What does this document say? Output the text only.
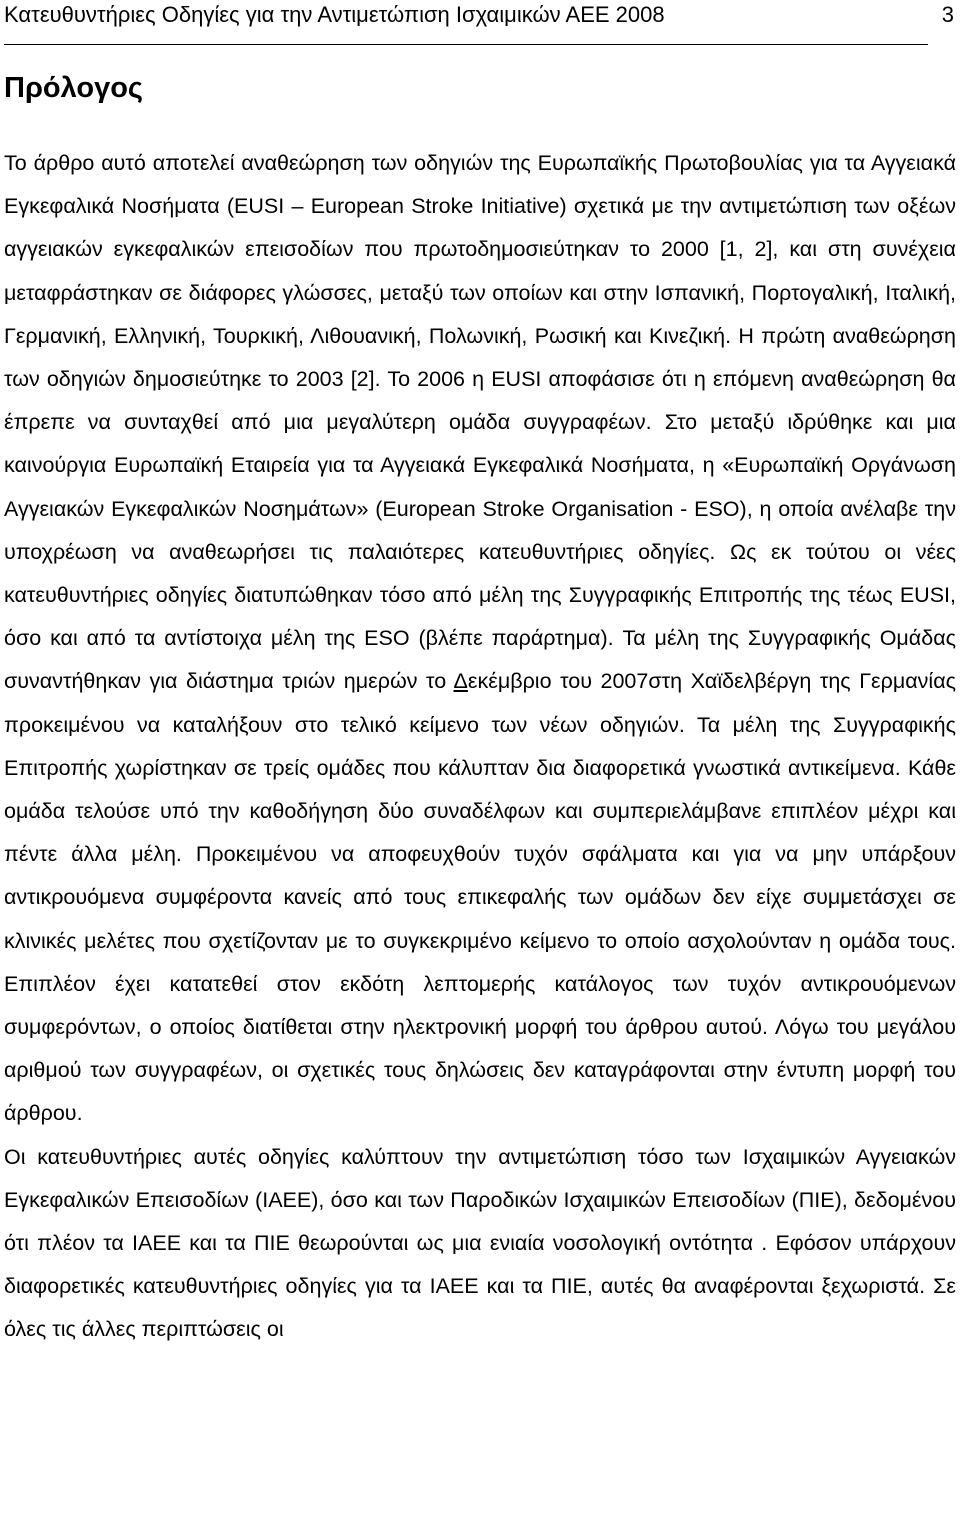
Κατευθυντήριες Οδηγίες για την Αντιμετώπιση Ισχαιμικών ΑΕΕ 2008	3
Πρόλογος

Το άρθρο αυτό αποτελεί αναθεώρηση των οδηγιών της Ευρωπαϊκής Πρωτοβουλίας για τα Αγγειακά Εγκεφαλικά Νοσήματα (EUSI – European Stroke Initiative) σχετικά με την αντιμετώπιση των οξέων αγγειακών εγκεφαλικών επεισοδίων που πρωτοδημοσιεύτηκαν το 2000 [1, 2], και στη συνέχεια μεταφράστηκαν σε διάφορες γλώσσες, μεταξύ των οποίων και στην Ισπανική, Πορτογαλική, Ιταλική, Γερμανική, Ελληνική, Τουρκική, Λιθουανική, Πολωνική, Ρωσική και Κινεζική. Η πρώτη αναθεώρηση των οδηγιών δημοσιεύτηκε το 2003 [2]. Το 2006 η EUSI αποφάσισε ότι η επόμενη αναθεώρηση θα έπρεπε να συνταχθεί από μια μεγαλύτερη ομάδα συγγραφέων. Στο μεταξύ ιδρύθηκε και μια καινούργια Ευρωπαϊκή Εταιρεία για τα Αγγειακά Εγκεφαλικά Νοσήματα, η «Ευρωπαϊκή Οργάνωση Αγγειακών Εγκεφαλικών Νοσημάτων» (European Stroke Organisation - ESO), η οποία ανέλαβε την υποχρέωση να αναθεωρήσει τις παλαιότερες κατευθυντήριες οδηγίες. Ως εκ τούτου οι νέες κατευθυντήριες οδηγίες διατυπώθηκαν τόσο από μέλη της Συγγραφικής Επιτροπής της τέως EUSI, όσο και από τα αντίστοιχα μέλη της ESO (βλέπε παράρτημα). Τα μέλη της Συγγραφικής Ομάδας συναντήθηκαν για διάστημα τριών ημερών το Δεκέμβριο του 2007στη Χαϊδελβέργη της Γερμανίας προκειμένου να καταλήξουν στο τελικό κείμενο των νέων οδηγιών. Τα μέλη της Συγγραφικής Επιτροπής χωρίστηκαν σε τρείς ομάδες που κάλυπταν δια διαφορετικά γνωστικά αντικείμενα. Κάθε ομάδα τελούσε υπό την καθοδήγηση δύο συναδέλφων και συμπεριελάμβανε επιπλέον μέχρι και πέντε άλλα μέλη. Προκειμένου να αποφευχθούν τυχόν σφάλματα και για να μην υπάρξουν αντικρουόμενα συμφέροντα κανείς από τους επικεφαλής των ομάδων δεν είχε συμμετάσχει σε κλινικές μελέτες που σχετίζονταν με το συγκεκριμένο κείμενο το οποίο ασχολούνταν η ομάδα τους. Επιπλέον έχει κατατεθεί στον εκδότη λεπτομερής κατάλογος των τυχόν αντικρουόμενων συμφερόντων, ο οποίος διατίθεται στην ηλεκτρονική μορφή του άρθρου αυτού. Λόγω του μεγάλου αριθμού των συγγραφέων, οι σχετικές τους δηλώσεις δεν καταγράφονται στην έντυπη μορφή του άρθρου.

Οι κατευθυντήριες αυτές οδηγίες καλύπτουν την αντιμετώπιση τόσο των Ισχαιμικών Αγγειακών Εγκεφαλικών Επεισοδίων (ΙΑΕΕ), όσο και των Παροδικών Ισχαιμικών Επεισοδίων (ΠΙΕ), δεδομένου ότι πλέον τα ΙΑΕΕ και τα ΠΙΕ θεωρούνται ως μια ενιαία νοσολογική οντότητα . Εφόσον υπάρχουν διαφορετικές κατευθυντήριες οδηγίες για τα ΙΑΕΕ και τα ΠΙΕ, αυτές θα αναφέρονται ξεχωριστά. Σε όλες τις άλλες περιπτώσεις οι
